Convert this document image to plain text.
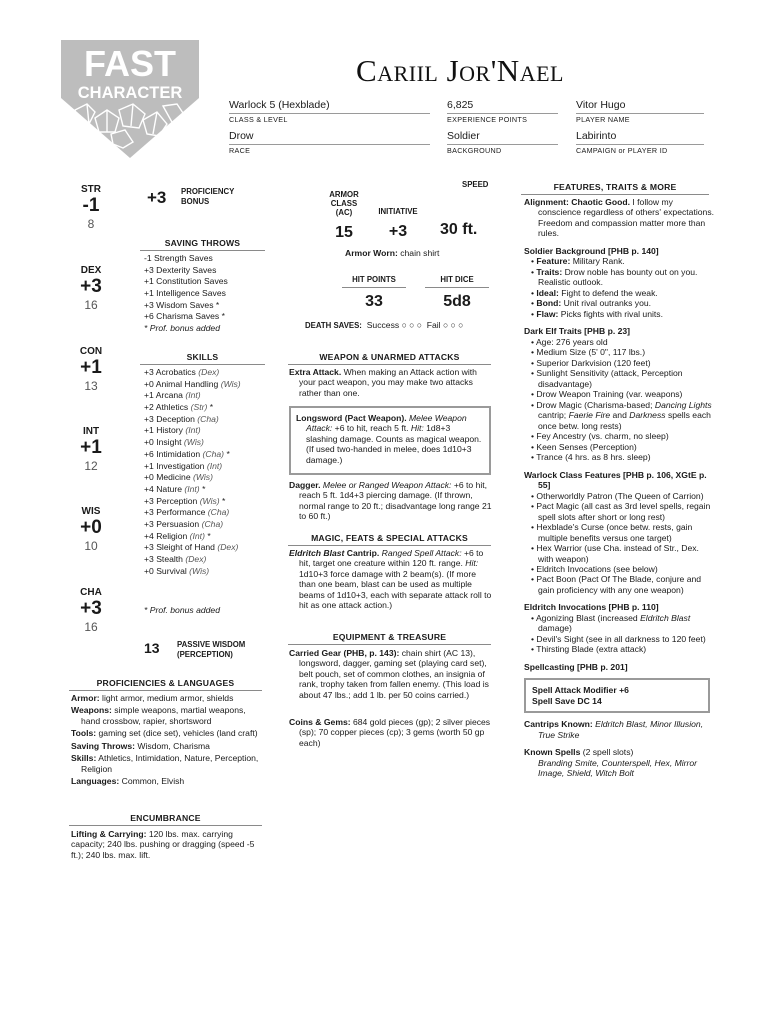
FAST
CHARACTER
Cariil Jor'Nael
Warlock 5 (Hexblade)
CLASS & LEVEL
6,825
EXPERIENCE POINTS
Vitor Hugo
PLAYER NAME
Drow
RACE
Soldier
BACKGROUND
Labirinto
CAMPAIGN or PLAYER ID
STR
-1
8
DEX
+3
16
CON
+1
13
INT
+1
12
WIS
+0
10
CHA
+3
16
+3 PROFICIENCY
BONUS
SAVING THROWS
-1 Strength Saves
+3 Dexterity Saves
+1 Constitution Saves
+1 Intelligence Saves
+3 Wisdom Saves *
+6 Charisma Saves *
* Prof. bonus added
SKILLS
+3 Acrobatics (Dex)
+0 Animal Handling (Wis)
+1 Arcana (Int)
+2 Athletics (Str) *
+3 Deception (Cha)
+1 History (Int)
+0 Insight (Wis)
+6 Intimidation (Cha) *
+1 Investigation (Int)
+0 Medicine (Wis)
+4 Nature (Int) *
+3 Perception (Wis) *
+3 Performance (Cha)
+3 Persuasion (Cha)
+4 Religion (Int) *
+3 Sleight of Hand (Dex)
+3 Stealth (Dex)
+0 Survival (Wis)
* Prof. bonus added
13 PASSIVE WISDOM
(PERCEPTION)
PROFICIENCIES & LANGUAGES

Armor: light armor, medium armor, shields

Weapons: simple weapons, martial weapons, hand crossbow, rapier, shortsword

Tools: gaming set (dice set), vehicles (land craft)

Saving Throws: Wisdom, Charisma

Skills: Athletics, Intimidation, Nature, Perception, Religion

Languages: Common, Elvish

ENCUMBRANCE
Lifting & Carrying: 120 lbs. max. carrying capacity; 240 lbs. pushing or dragging (speed -5 ft.); 240 lbs. max. lift.
ARMOR
CLASS
(AC)
15
INITIATIVE
+3
SPEED
30 ft.
Armor Worn: chain shirt
HIT POINTS
33
HIT DICE
5d8
DEATH SAVES: Success ○ ○ ○ Fail ○ ○ ○
WEAPON & UNARMED ATTACKS

Extra Attack. When making an Attack action with your pact weapon, you may make two attacks rather than one.

Longsword (Pact Weapon). Melee Weapon Attack: +6 to hit, reach 5 ft. Hit: 1d8+3 slashing damage. Counts as magical weapon. (If used two-handed in melee, does 1d10+3 damage.)

Dagger. Melee or Ranged Weapon Attack: +6 to hit, reach 5 ft. 1d4+3 piercing damage. (If thrown, normal range to 20 ft.; disadvantage long range 21 to 60 ft.)

MAGIC, FEATS & SPECIAL ATTACKS

Eldritch Blast Cantrip. Ranged Spell Attack: +6 to hit, target one creature within 120 ft. range. Hit: 1d10+3 force damage with 2 beam(s). (If more than one beam, blast can be used as multiple beams of 1d10+3, each with separate attack roll to hit as one attack action.)

EQUIPMENT & TREASURE

Carried Gear (PHB, p. 143): chain shirt (AC 13), longsword, dagger, gaming set (playing card set), belt pouch, set of common clothes, an insignia of rank, trophy taken from fallen enemy. (This load is about 47 lbs.; add 1 lb. per 50 coins carried.)

Coins & Gems: 684 gold pieces (gp); 2 silver pieces (sp); 70 copper pieces (cp); 3 gems (worth 50 gp each)

FEATURES, TRAITS & MORE
Alignment: Chaotic Good. I follow my conscience regardless of others' expectations. Freedom and compassion matter more than rules.
Soldier Background [PHB p. 140]
• Feature: Military Rank.
• Traits: Drow noble has bounty out on you. Realistic outlook.
• Ideal: Fight to defend the weak.
• Bond: Unit rival outranks you.
• Flaw: Picks fights with rival units.
Dark Elf Traits [PHB p. 23]
• Age: 276 years old
• Medium Size (5' 0", 117 lbs.)
• Superior Darkvision (120 feet)
• Sunlight Sensitivity (attack, Perception disadvantage)
• Drow Weapon Training (var. weapons)
• Drow Magic (Charisma-based; Dancing Lights cantrip; Faerie Fire and Darkness spells each once betw. long rests)
• Fey Ancestry (vs. charm, no sleep)
• Keen Senses (Perception)
• Trance (4 hrs. as 8 hrs. sleep)
Warlock Class Features [PHB p. 106, XGtE p. 55]
• Otherworldly Patron (The Queen of Carrion)
• Pact Magic (all cast as 3rd level spells, regain spell slots after short or long rest)
• Hexblade's Curse (once betw. rests, gain multiple benefits versus one target)
• Hex Warrior (use Cha. instead of Str., Dex. with weapon)
• Eldritch Invocations (see below)
• Pact Boon (Pact Of The Blade, conjure and gain proficiency with any one weapon)
Eldritch Invocations [PHB p. 110]
• Agonizing Blast (increased Eldritch Blast damage)
• Devil's Sight (see in all darkness to 120 feet)
• Thirsting Blade (extra attack)
Spellcasting [PHB p. 201]
Spell Attack Modifier +6
Spell Save DC 14
Cantrips Known: Eldritch Blast, Minor Illusion, True Strike
Known Spells (2 spell slots)
Branding Smite, Counterspell, Hex, Mirror Image, Shield, Witch Bolt
